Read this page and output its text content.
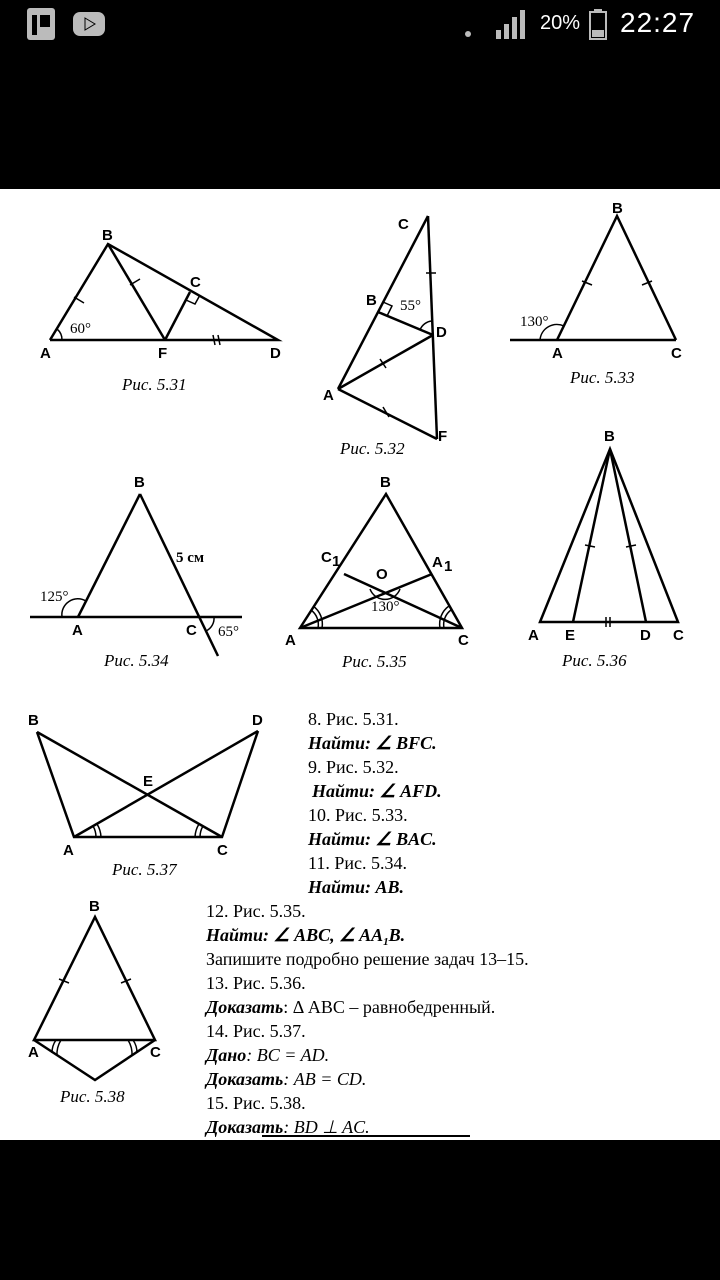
20% 22:27
B
C
A	F	D
60°
Рис. 5.31
C
B
D
A
F
55°
Рис. 5.32
B
A	C
130°
Рис. 5.33
B
A	C
125°
65°
5 см
Рис. 5.34
B
C 1	A 1
O
A	C
130°
Рис. 5.35
B
A E	D C
Рис. 5.36
B	D
E
A	C
Рис. 5.37
B
A	C
Рис. 5.38
8. Рис. 5.31.
Найти: ∠ BFC.
9. Рис. 5.32.
Найти: ∠ AFD.
10. Рис. 5.33.
Найти: ∠ BAC.
11. Рис. 5.34.
Найти: AB.
12. Рис. 5.35.
Найти: ∠ ABC, ∠ $AA_1B$.
Запишите подробно решение задач 13–15.
13. Рис. 5.36.
Доказать: Δ ABC – равнобедренный.
14. Рис. 5.37.
Дано: BC = AD.
Доказать: AB = CD.
15. Рис. 5.38.
Доказать: BD ⊥ AC.
